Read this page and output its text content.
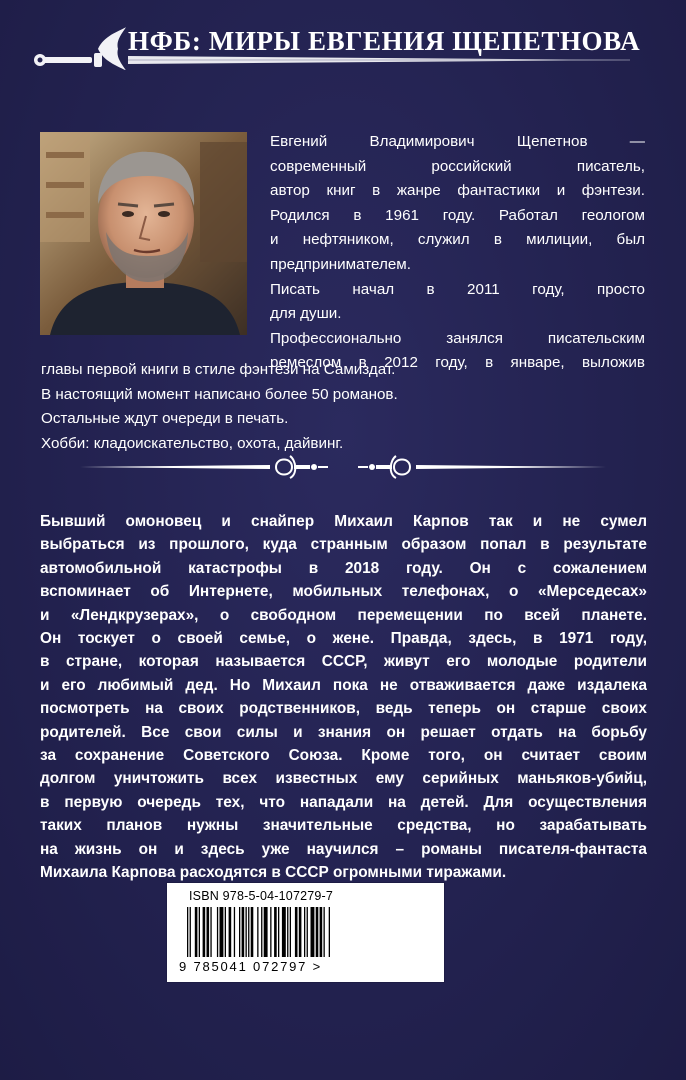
НФБ: МИРЫ ЕВГЕНИЯ ЩЕПЕТНОВА
Евгений Владимирович Щепетнов —
современный российский писатель,
автор книг в жанре фантастики и фэнтези.
Родился в 1961 году. Работал геологом
и нефтяником, служил в милиции, был
предпринимателем.
Писать начал в 2011 году, просто
для души.
Профессионально занялся писательским
ремеслом в 2012 году, в январе, выложив
главы первой книги в стиле фэнтези на Самиздат.
В настоящий момент написано более 50 романов.
Остальные ждут очереди в печать.
Хобби: кладоискательство, охота, дайвинг.
Бывший омоновец и снайпер Михаил Карпов так и не сумел
выбраться из прошлого, куда странным образом попал в результате
автомобильной катастрофы в 2018 году. Он с сожалением
вспоминает об Интернете, мобильных телефонах, о «Мерседесах»
и «Лендкрузерах», о свободном перемещении по всей планете.
Он тоскует о своей семье, о жене. Правда, здесь, в 1971 году,
в стране, которая называется СССР, живут его молодые родители
и его любимый дед. Но Михаил пока не отваживается даже издалека
посмотреть на своих родственников, ведь теперь он старше своих
родителей. Все свои силы и знания он решает отдать на борьбу
за сохранение Советского Союза. Кроме того, он считает своим
долгом уничтожить всех известных ему серийных маньяков-убийц,
в первую очередь тех, что нападали на детей. Для осуществления
таких планов нужны значительные средства, но зарабатывать
на жизнь он и здесь уже научился – романы писателя-фантаста
Михаила Карпова расходятся в СССР огромными тиражами.
ISBN 978-5-04-107279-7
9 785041 072797 >
